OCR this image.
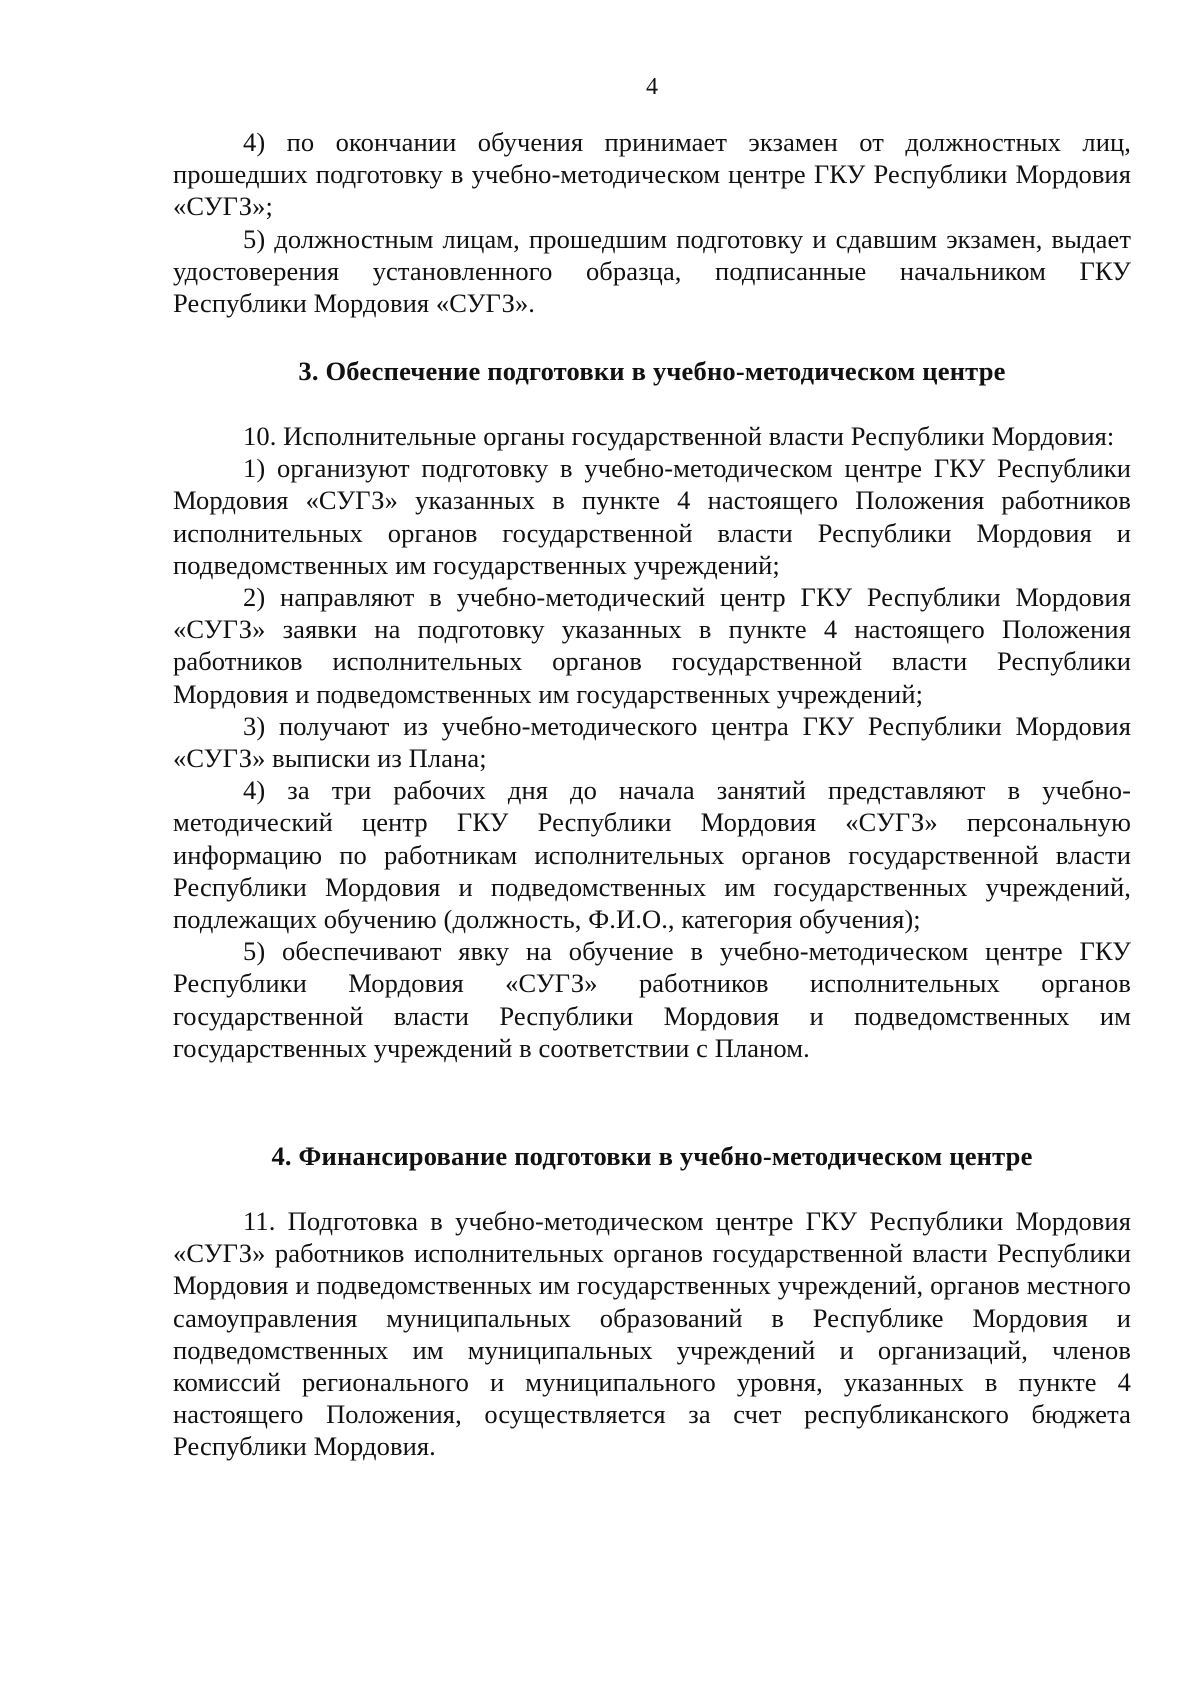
4

4) по окончании обучения принимает экзамен от должностных лиц, прошедших подготовку в учебно-методическом центре ГКУ Республики Мордовия «СУГЗ»;

5) должностным лицам, прошедшим подготовку и сдавшим экзамен, выдает удостоверения установленного образца, подписанные начальником ГКУ Республики Мордовия «СУГЗ».

3. Обеспечение подготовки в учебно-методическом центре

10. Исполнительные органы государственной власти Республики Мордовия:

1) организуют подготовку в учебно-методическом центре ГКУ Республики Мордовия «СУГЗ» указанных в пункте 4 настоящего Положения работников исполнительных органов государственной власти Республики Мордовия и подведомственных им государственных учреждений;

2) направляют в учебно-методический центр ГКУ Республики Мордовия «СУГЗ» заявки на подготовку указанных в пункте 4 настоящего Положения работников исполнительных органов государственной власти Республики Мордовия и подведомственных им государственных учреждений;

3) получают из учебно-методического центра ГКУ Республики Мордовия «СУГЗ» выписки из Плана;

4) за три рабочих дня до начала занятий представляют в учебно-методический центр ГКУ Республики Мордовия «СУГЗ» персональную информацию по работникам исполнительных органов государственной власти Республики Мордовия и подведомственных им государственных учреждений, подлежащих обучению (должность, Ф.И.О., категория обучения);

5) обеспечивают явку на обучение в учебно-методическом центре ГКУ Республики Мордовия «СУГЗ» работников исполнительных органов государственной власти Республики Мордовия и подведомственных им государственных учреждений в соответствии с Планом.

4. Финансирование подготовки в учебно-методическом центре

11. Подготовка в учебно-методическом центре ГКУ Республики Мордовия «СУГЗ» работников исполнительных органов государственной власти Республики Мордовия и подведомственных им государственных учреждений, органов местного самоуправления муниципальных образований в Республике Мордовия и подведомственных им муниципальных учреждений и организаций, членов комиссий регионального и муниципального уровня, указанных в пункте 4 настоящего Положения, осуществляется за счет республиканского бюджета Республики Мордовия.
